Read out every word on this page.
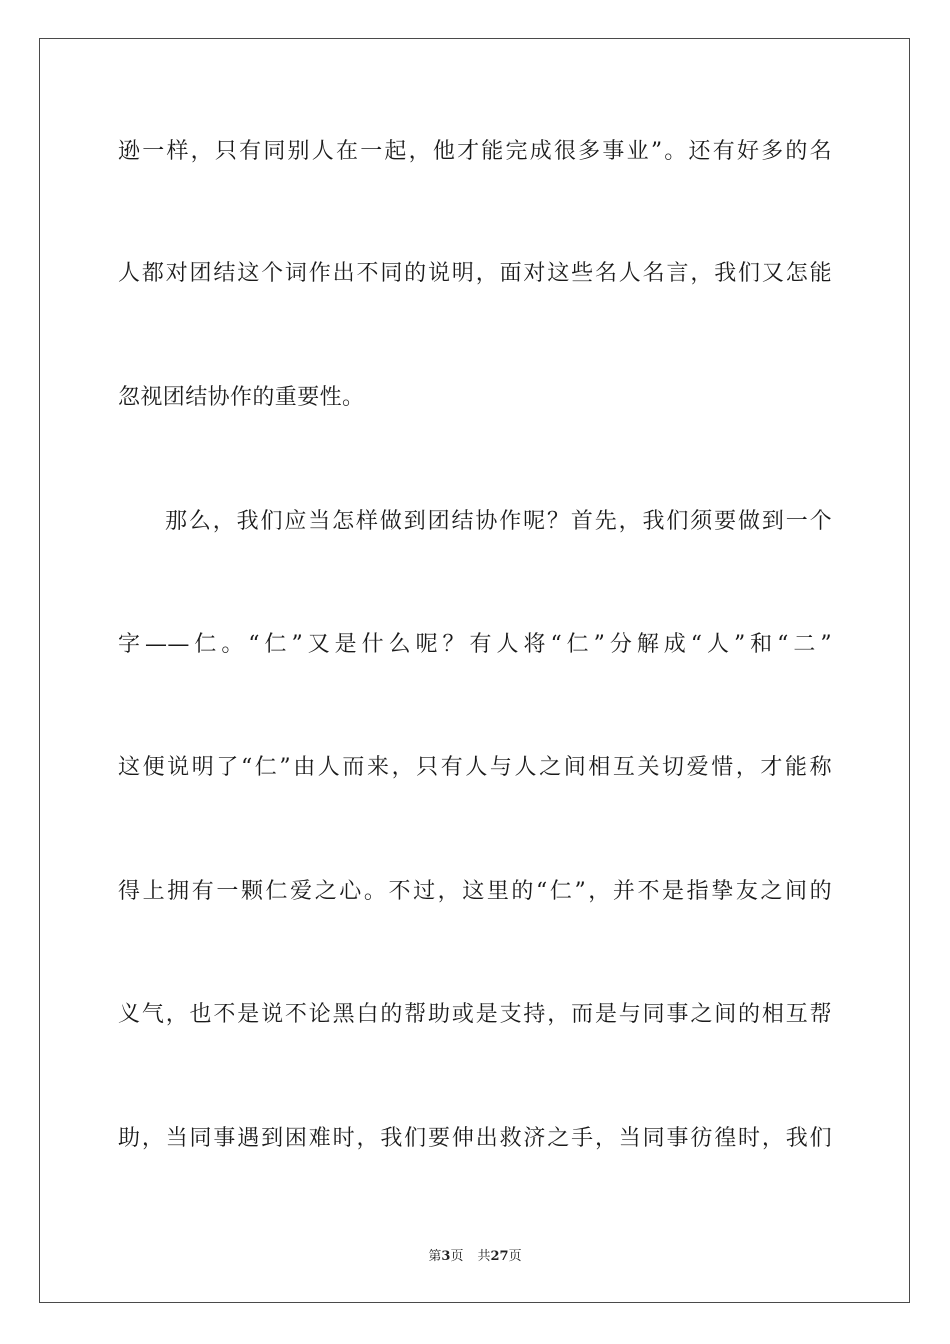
逊一样，只有同别人在一起，他才能完成很多事业”。还有好多的名
人都对团结这个词作出不同的说明，面对这些名人名言，我们又怎能
忽视团结协作的重要性。
那么，我们应当怎样做到团结协作呢？首先，我们须要做到一个
字——仁。“仁”又是什么呢？有人将“仁”分解成“人”和“二”
这便说明了“仁”由人而来，只有人与人之间相互关切爱惜，才能称
得上拥有一颗仁爱之心。不过，这里的“仁”，并不是指挚友之间的
义气，也不是说不论黑白的帮助或是支持，而是与同事之间的相互帮
助，当同事遇到困难时，我们要伸出救济之手，当同事彷徨时，我们
第3页 共27页
